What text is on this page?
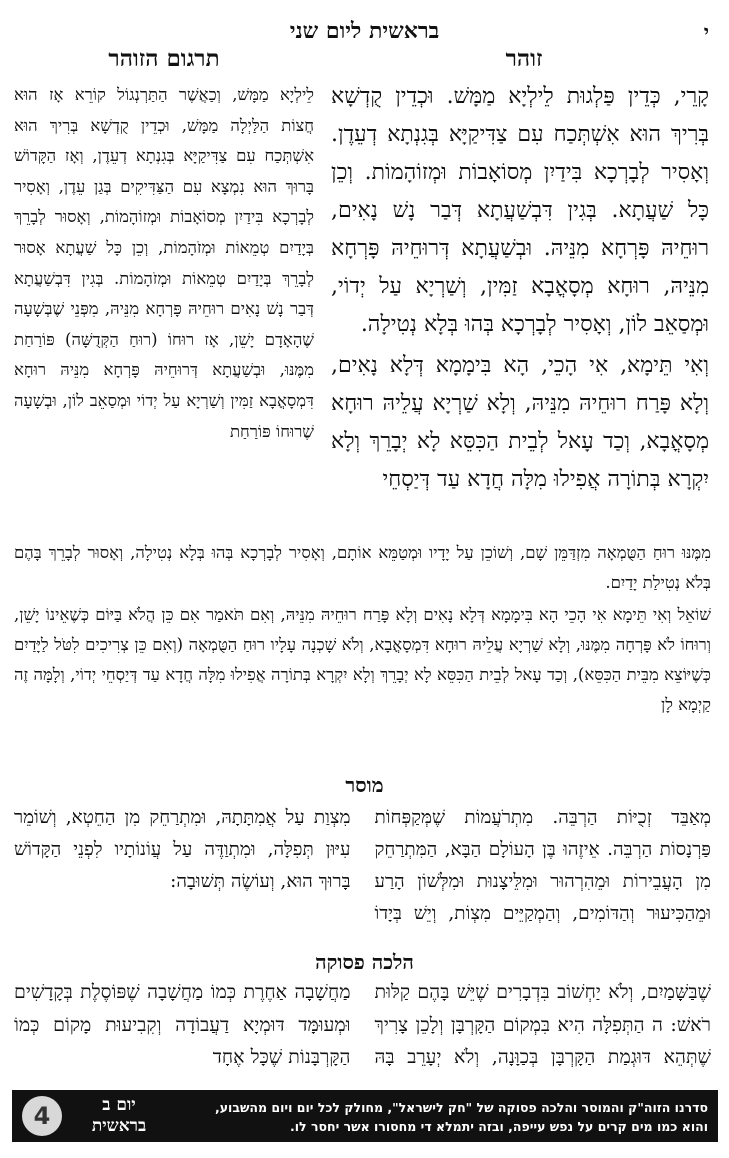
י
בראשית ליום שני
זוהר
תרגום הזוהר

קָרֵי, כְּדֵין פַּלְגוּת לֵילְיָא מַמָּשׁ. וּכְדֵין קֻדְשָׁא בְּרִיךְ הוּא אִשְׁתְּכַח עִם צַדִּיקַיָּא בְּגִנְתָא דְעֵדֶן. וְאָסִיר לְבָרְכָא בִּידַיִן מְסוֹאָבוֹת וּמְזוֹהָמוֹת. וְכֵן כָּל שַׁעֲתָא. בְּגִין דִּבְשַׁעֲתָא דְּבַר נָשׁ נָאִים, רוּחֵיהּ פָּרְחָא מִנֵּיהּ. וּבְשַׁעֲתָא דְּרוּחֵיהּ פָּרְחָא מִנֵּיהּ, רוּחָא מְסָאֳבָא זַמִּין, וְשַׁרְיָא עַל יְדוֹי, וּמְסַאֵב לוֹן, וְאָסִיר לְבָרְכָא בְּהוּ בְּלָא נְטִילָה.

וְאִי תֵּימָא, אִי הָכֵי, הָא בִּימָמָא דְּלָא נָאִים, וְלָא פָּרַח רוּחֵיהּ מִנֵּיהּ, וְלָא שַׁרְיָא עֲלֵיהּ רוּחָא מְסָאֳבָא, וְכַד עָאל לְבֵית הַכִּסֵּא לָא יְבָרֵךְ וְלָא יִקְרָא בְּתוֹרָה אֲפִילוּ מִלָּה חֲדָא עַד דְּיַסְחֵי

לֵילְיָא מַמָּשׁ, וְכַאֲשֶׁר הַתַּרְנְגוֹל קוֹרֵא אָז הוּא חֲצוֹת הַלַּיְלָה מַמָּשׁ, וּכְדֵין קֻדְשָׁא בְּרִיךְ הוּא אִשְׁתְּכַח עִם צַדִּיקַיָּא בְּגִנְתָא דְעֵדֶן, וְאָז הַקָּדוֹשׁ בָּרוּךְ הוּא נִמְצָא עִם הַצַּדִּיקִים בְּגַן עֵדֶן, וְאָסִיר לְבָרְכָא בִּידַיִן מְסוֹאָבוֹת וּמְזוֹהָמוֹת, וְאָסוּר לְבָרֵךְ בְּיָדַיִם טְמֵאוֹת וּמְזֹהָמוֹת, וְכֵן כָּל שַׁעֲתָא אָסוּר לְבָרֵךְ בְּיָדַיִם טְמֵאוֹת וּמְזֹהָמוֹת. בְּגִין דִּבְשַׁעֲתָא דְּבַר נָשׁ נָאִים רוּחֵיהּ פָּרְחָא מִנֵּיהּ, מִפְּנֵי שֶׁבְּשָׁעָה שֶׁהָאָדָם יָשֵׁן, אָז רוּחוֹ (רוּחַ הַקְּדֻשָּׁה) פּוֹרַחַת מִמֶּנּוּ, וּבְשַׁעֲתָא דְּרוּחֵיהּ פָּרְחָא מִנֵּיהּ רוּחָא דִּמְסָאֳבָא זַמִּין וְשַׁרְיָא עַל יְדוֹי וּמְסַאֵב לוֹן, וּבְשָׁעָה שֶׁרוּחוֹ פּוֹרַחַת
מִמֶּנּוּ רוּחַ הַטֻּמְאָה מִזְדַּמֵּן שָׁם, וְשׁוֹכֵן עַל יָדָיו וּמְטַמֵּא אוֹתָם, וְאָסִיר לְבָרְכָא בְּהוּ בְּלָא נְטִילָה, וְאָסוּר לְבָרֵךְ בָּהֶם בְּלֹא נְטִילַת יָדַיִם.
שׁוֹאֵל וְאִי תֵּימָא אִי הָכֵי הָא בִּימָמָא דְּלָא נָאִים וְלָא פָּרַח רוּחֵיהּ מִנֵּיהּ, וְאִם תֹּאמַר אִם כֵּן הֲלֹא בַּיּוֹם כְּשֶׁאֵינוֹ יָשֵׁן, וְרוּחוֹ לֹא פָּרְחָה מִמֶּנּוּ, וְלָא שַׁרְיָא עֲלֵיהּ רוּחָא דִּמְסָאֳבָא, וְלֹא שָׁכְנָה עָלָיו רוּחַ הַטֻּמְאָה (וְאִם כֵּן צְרִיכִים לִטֹּל לַיָּדַיִם כְּשֶׁיּוֹצֵא מִבֵּית הַכִּסֵּא), וְכַד עָאל לְבֵית הַכִּסֵּא לָא יְבָרֵךְ וְלָא יִקְרָא בְּתוֹרָה אֲפִילוּ מִלָּה חֲדָא עַד דְּיַסְחֵי יְדוֹי, וְלָמָּה זֶה קַיְמָא לָן
מוסר
מְאַבֵּד זְכֻיּוֹת הַרְבֵּה. מִתְרֹעֲמוֹת שֶׁמְּקַפְּחוֹת פַּרְנָסוֹת הַרְבֵּה. אֵיזֶהוּ בֶּן הָעוֹלָם הַבָּא, הַמִּתְרַחֵק מִן הָעֲבֵירוֹת וּמֵהִרְהוּר וּמִלֵּיצָנוּת וּמִלְּשׁוֹן הָרַע וּמֵהַכִּיעוּר וְהַדּוֹמִים, וְהַמְקַיֵּים מִצְוֹת, וְיֵשׁ בְּיָדוֹ מִצְוַת עַל אֲמִתָּתָהּ, וּמִתְרַחֵק מִן הַחֵטְא, וְשׁוֹמֵר עִיּוּן תְּפִלָּה, וּמִתְוַדֶּה עַל עֲוֹנוֹתָיו לִפְנֵי הַקָּדוֹשׁ בָּרוּךְ הוּא, וְעוֹשֶׂה תְּשׁוּבָה:
הלכה פסוקה
שֶׁבַּשָּׁמַיִם, וְלֹא יַחְשׁוֹב בִּדְבָרִים שֶׁיֵּשׁ בָּהֶם קַלּוּת רֹאשׁ: ה הַתְּפִלָּה הִיא בִּמְקוֹם הַקָּרְבָּן וְלָכֵן צָרִיךְ שֶׁתְּהֵא דּוּגְמַת הַקָּרְבָּן בְּכַוָּנָה, וְלֹא יְעָרֵב בָּהּ מַחֲשָׁבָה אַחֶרֶת כְּמוֹ מַחֲשָׁבָה שֶׁפּוֹסֶלֶת בְּקָדָשִׁים וּמְעוּמָּד דּוּמְיָא דַעֲבוֹדָה וְקִבִיעוּת מָקוֹם כְּמוֹ הַקָּרְבָּנוֹת שֶׁכָּל אֶחָד
סדרנו הזוה"ק והמוסר והלכה פסוקה של "חק לישראל", מחולק לכל יום ויום מהשבוע,
והוא כמו מים קרים על נפש עייפה, ובזה יתמלא די מחסורו אשר יחסר לו.
יום ב
בראשית
4
